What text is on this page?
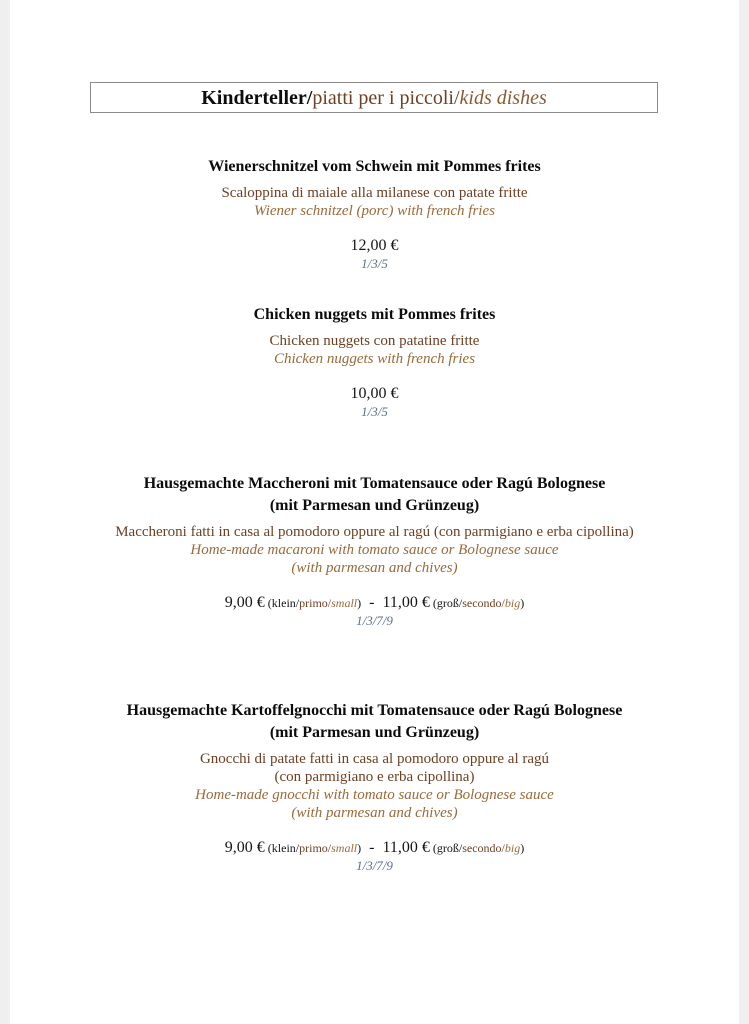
Kinderteller/ piatti per i piccoli/ kids dishes
Wienerschnitzel vom Schwein mit Pommes frites
Scaloppina di maiale alla milanese con patate fritte
Wiener schnitzel (porc) with french fries
12,00 €
1/3/5
Chicken nuggets mit Pommes frites
Chicken nuggets con patatine fritte
Chicken nuggets with french fries
10,00 €
1/3/5
Hausgemachte Maccheroni mit Tomatensauce oder Ragú Bolognese
(mit Parmesan und Grünzeug)
Maccheroni fatti in casa al pomodoro oppure al ragú (con parmigiano e erba cipollina)
Home-made macaroni with tomato sauce or Bolognese sauce
(with parmesan and chives)
9,00 € (klein/primo/small) - 11,00 € (groß/secondo/big)
1/3/7/9
Hausgemachte Kartoffelgnocchi mit Tomatensauce oder Ragú Bolognese
(mit Parmesan und Grünzeug)
Gnocchi di patate fatti in casa al pomodoro oppure al ragú
(con parmigiano e erba cipollina)
Home-made gnocchi with tomato sauce or Bolognese sauce
(with parmesan and chives)
9,00 € (klein/primo/small) - 11,00 € (groß/secondo/big)
1/3/7/9
